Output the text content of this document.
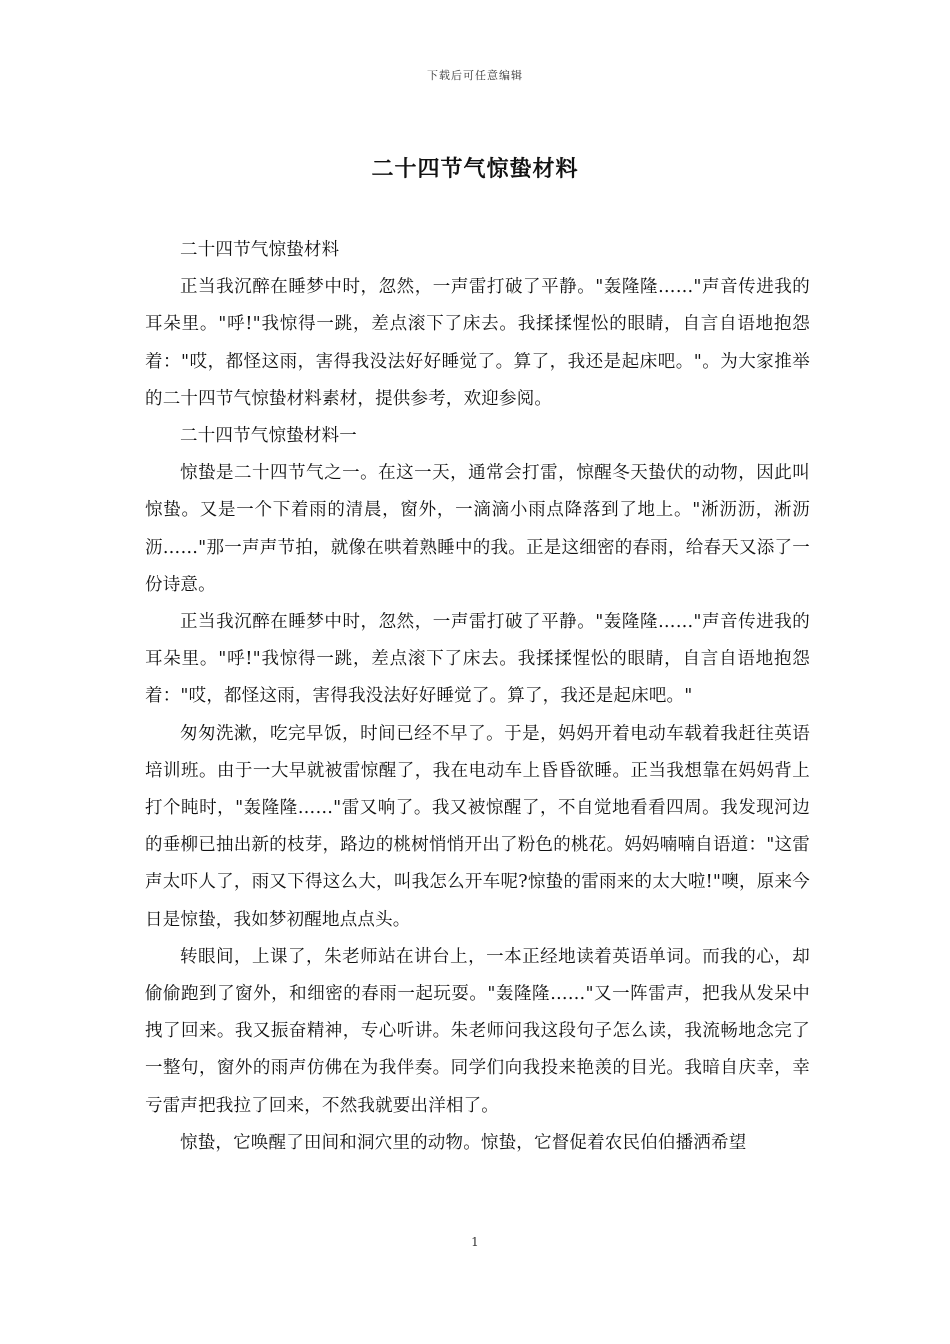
下载后可任意编辑
二十四节气惊蛰材料

二十四节气惊蛰材料

正当我沉醉在睡梦中时，忽然，一声雷打破了平静。"轰隆隆……"声音传进我的耳朵里。"呼!"我惊得一跳，差点滚下了床去。我揉揉惺忪的眼睛，自言自语地抱怨着："哎，都怪这雨，害得我没法好好睡觉了。算了，我还是起床吧。"。为大家推举的二十四节气惊蛰材料素材，提供参考，欢迎参阅。

二十四节气惊蛰材料一

惊蛰是二十四节气之一。在这一天，通常会打雷，惊醒冬天蛰伏的动物，因此叫惊蛰。又是一个下着雨的清晨，窗外，一滴滴小雨点降落到了地上。"淅沥沥，淅沥沥……"那一声声节拍，就像在哄着熟睡中的我。正是这细密的春雨，给春天又添了一份诗意。

正当我沉醉在睡梦中时，忽然，一声雷打破了平静。"轰隆隆……"声音传进我的耳朵里。"呼!"我惊得一跳，差点滚下了床去。我揉揉惺忪的眼睛，自言自语地抱怨着："哎，都怪这雨，害得我没法好好睡觉了。算了，我还是起床吧。"

匆匆洗漱，吃完早饭，时间已经不早了。于是，妈妈开着电动车载着我赶往英语培训班。由于一大早就被雷惊醒了，我在电动车上昏昏欲睡。正当我想靠在妈妈背上打个盹时，"轰隆隆……"雷又响了。我又被惊醒了，不自觉地看看四周。我发现河边的垂柳已抽出新的枝芽，路边的桃树悄悄开出了粉色的桃花。妈妈喃喃自语道："这雷声太吓人了，雨又下得这么大，叫我怎么开车呢?惊蛰的雷雨来的太大啦!"噢，原来今日是惊蛰，我如梦初醒地点点头。

转眼间，上课了，朱老师站在讲台上，一本正经地读着英语单词。而我的心，却偷偷跑到了窗外，和细密的春雨一起玩耍。"轰隆隆……"又一阵雷声，把我从发呆中拽了回来。我又振奋精神，专心听讲。朱老师问我这段句子怎么读，我流畅地念完了一整句，窗外的雨声仿佛在为我伴奏。同学们向我投来艳羡的目光。我暗自庆幸，幸亏雷声把我拉了回来，不然我就要出洋相了。

惊蛰，它唤醒了田间和洞穴里的动物。惊蛰，它督促着农民伯伯播洒希望

1
